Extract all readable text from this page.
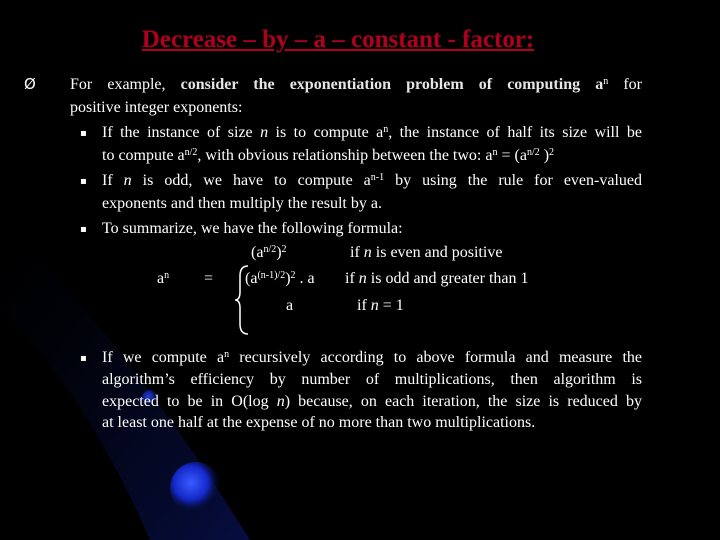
Decrease – by – a – constant - factor:
Ø For example, consider the exponentiation problem of computing $a^n$ for
positive integer exponents:
▪ If the instance of size n is to compute $a^n$, the instance of half its size will be
to compute $a^{n/2}$, with obvious relationship between the two: $a^n = (a^{n/2}$ )$^2$
▪ If n is odd, we have to compute $a^{n-1}$ by using the rule for even-valued
exponents and then multiply the result by a.
▪ To summarize, we have the following formula:
$a^n$ =
$(a^{n/2})^2$	if n is even and positive
$(a^{(n-1)/2})^2$ . a if n is odd and greater than 1
a	if n = 1
▪ If we compute $a^n$ recursively according to above formula and measure the
algorithm’s efficiency by number of multiplications, then algorithm is
expected to be in O(log n) because, on each iteration, the size is reduced by
at least one half at the expense of no more than two multiplications.
